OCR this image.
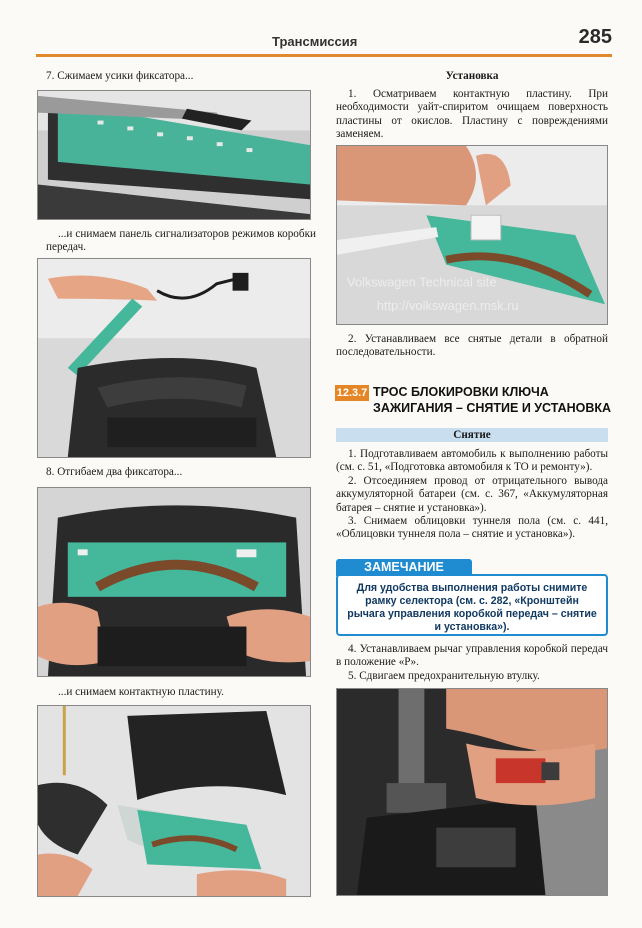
Трансмиссия	285
7. Сжимаем усики фиксатора...

...и снимаем панель сигнализаторов режимов коробки передач.

8. Отгибаем два фиксатора...

...и снимаем контактную пластину.

Установка

1. Осматриваем контактную пластину. При необходимости уайт-спиритом очищаем поверхность пластины от окислов. Пластину с повреждениями заменяем.

Volkswagen Technical site
http://volkswagen.msk.ru

2. Устанавливаем все снятые детали в обратной последовательности.

12.3.7 ТРОС БЛОКИРОВКИ КЛЮЧА ЗАЖИГАНИЯ – СНЯТИЕ И УСТАНОВКА
Снятие

1. Подготавливаем автомобиль к выполнению работы (см. с. 51, «Подготовка автомобиля к ТО и ремонту»).

2. Отсоединяем провод от отрицательного вывода аккумуляторной батареи (см. с. 367, «Аккумуляторная батарея – снятие и установка»).

3. Снимаем облицовки туннеля пола (см. с. 441, «Облицовки туннеля пола – снятие и установка»).

ЗАМЕЧАНИЕ
Для удобства выполнения работы снимите рамку селектора (см. с. 282, «Кронштейн рычага управления коробкой передач – снятие и установка»).

4. Устанавливаем рычаг управления коробкой передач в положение «P».

5. Сдвигаем предохранительную втулку.
